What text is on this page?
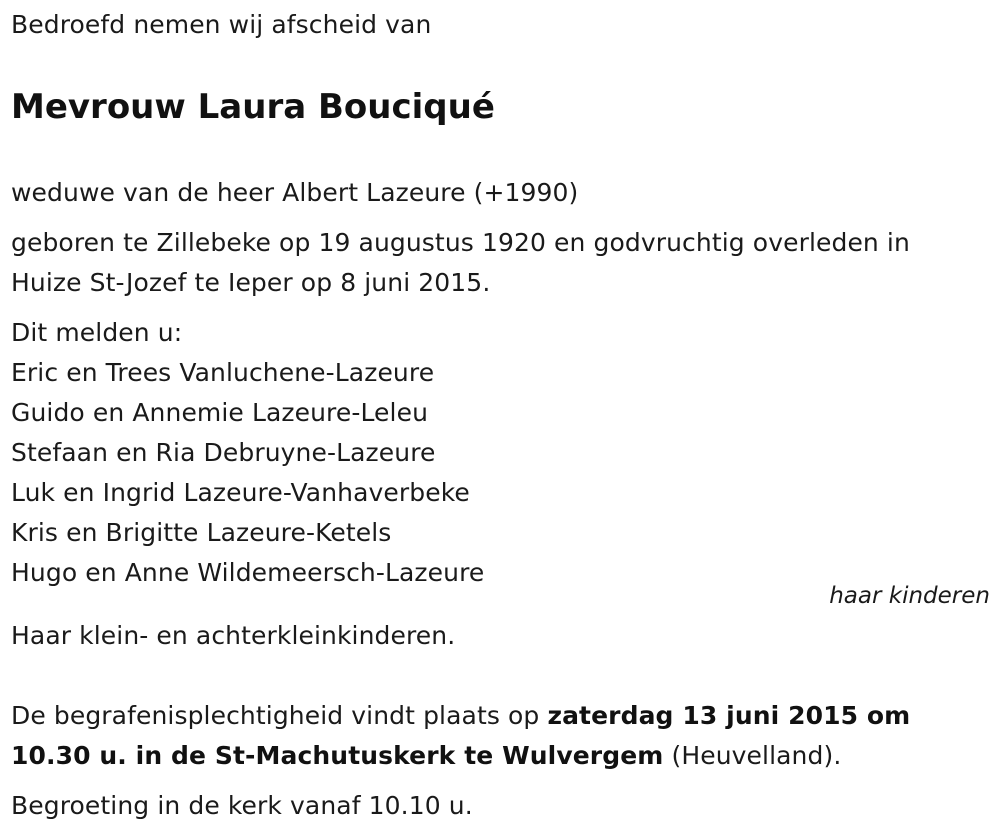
Bedroefd nemen wij afscheid van
Mevrouw Laura Bouciqué
weduwe van de heer Albert Lazeure (+1990)
geboren te Zillebeke op 19 augustus 1920 en godvruchtig overleden in
Huize St-Jozef te Ieper op 8 juni 2015.
Dit melden u:
Eric en Trees Vanluchene-Lazeure
Guido en Annemie Lazeure-Leleu
Stefaan en Ria Debruyne-Lazeure
Luk en Ingrid Lazeure-Vanhaverbeke
Kris en Brigitte Lazeure-Ketels
Hugo en Anne Wildemeersch-Lazeure
haar kinderen
Haar klein- en achterkleinkinderen.
De begrafenisplechtigheid vindt plaats op zaterdag 13 juni 2015 om
10.30 u. in de St-Machutuskerk te Wulvergem (Heuvelland).
Begroeting in de kerk vanaf 10.10 u.
